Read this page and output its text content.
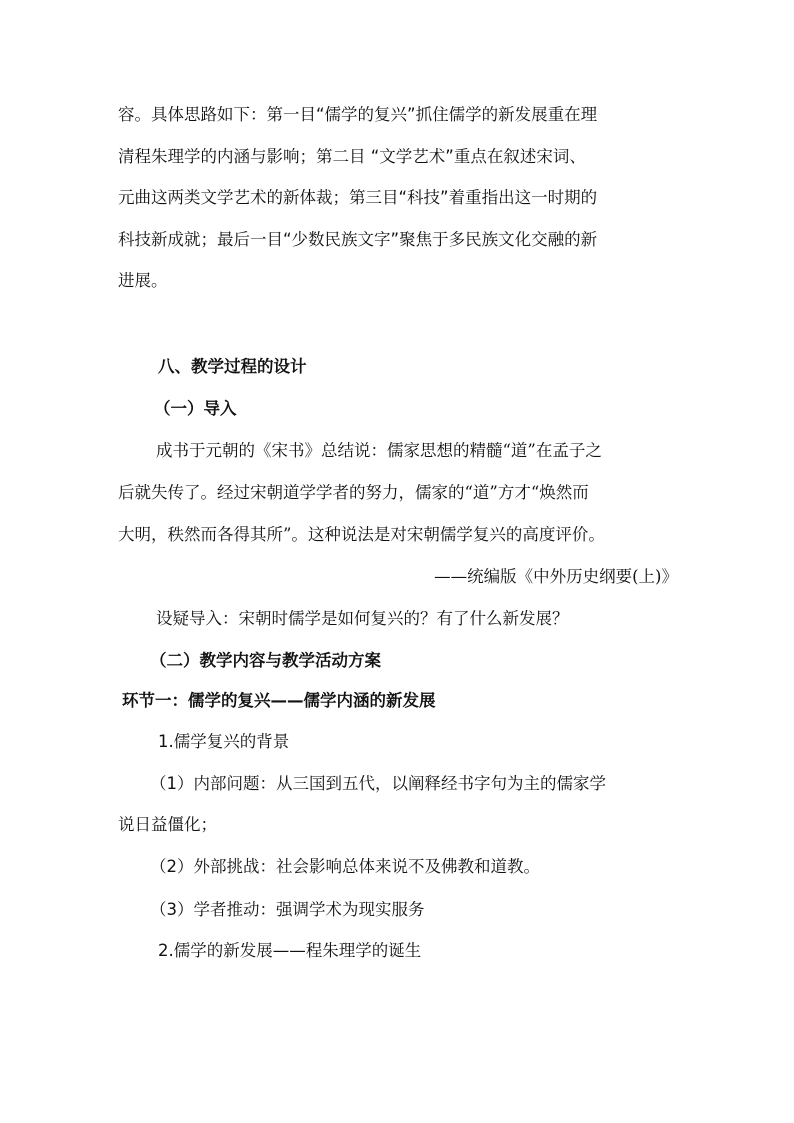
容。具体思路如下：第一目“儒学的复兴”抓住儒学的新发展重在理
清程朱理学的内涵与影响；第二目 “文学艺术”重点在叙述宋词、
元曲这两类文学艺术的新体裁；第三目“科技”着重指出这一时期的
科技新成就；最后一目“少数民族文字”聚焦于多民族文化交融的新
进展。
八、教学过程的设计
（一）导入
成书于元朝的《宋书》总结说：儒家思想的精髓“道”在孟子之
后就失传了。经过宋朝道学学者的努力，儒家的“道”方才“焕然而
大明，秩然而各得其所”。这种说法是对宋朝儒学复兴的高度评价。
——统编版《中外历史纲要(上)》
设疑导入：宋朝时儒学是如何复兴的？有了什么新发展？
（二）教学内容与教学活动方案
环节一：儒学的复兴——儒学内涵的新发展
1.儒学复兴的背景
（1）内部问题：从三国到五代，以阐释经书字句为主的儒家学
说日益僵化；
（2）外部挑战：社会影响总体来说不及佛教和道教。
（3）学者推动：强调学术为现实服务
2.儒学的新发展——程朱理学的诞生
